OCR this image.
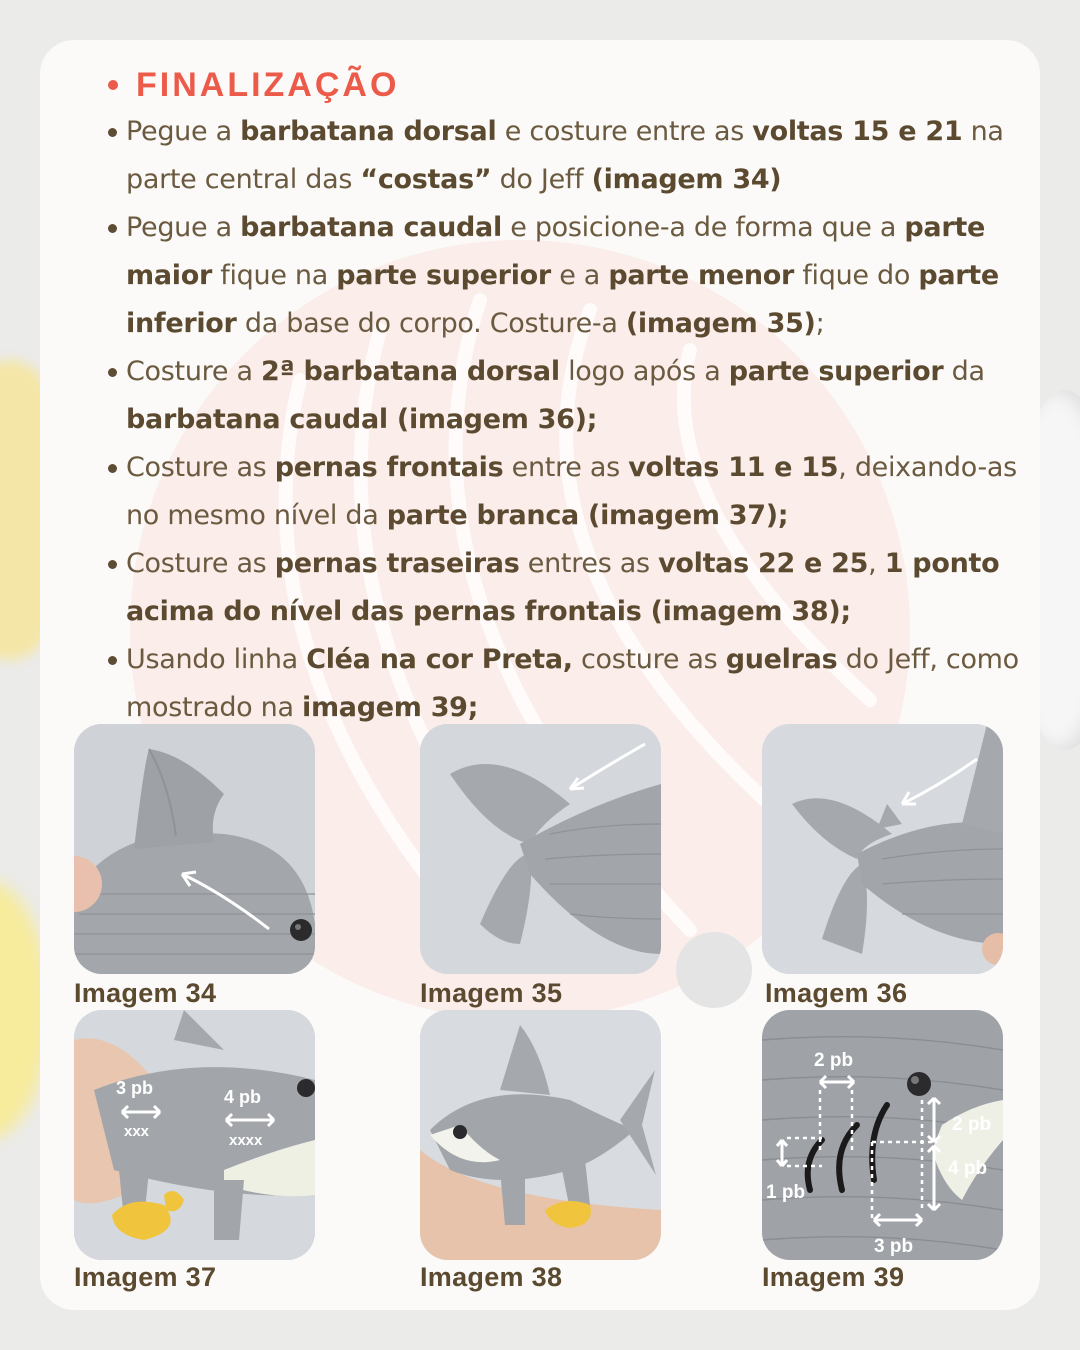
FINALIZAÇÃO
Pegue a barbatana dorsal e costure entre as voltas 15 e 21 na parte central das “costas” do Jeff (imagem 34)
Pegue a barbatana caudal e posicione-a de forma que a parte maior fique na parte superior e a parte menor fique do parte inferior da base do corpo. Costure-a (imagem 35);
Costure a 2ª barbatana dorsal logo após a parte superior da barbatana caudal (imagem 36);
Costure as pernas frontais entre as voltas 11 e 15, deixando-as no mesmo nível da parte branca (imagem 37);
Costure as pernas traseiras entres as voltas 22 e 25, 1 ponto acima do nível das pernas frontais (imagem 38);
Usando linha Cléa na cor Preta, costure as guelras do Jeff, como mostrado na imagem 39;
Imagem 34	Imagem 35	Imagem 36
3 pb
xxx
4 pb
xxxx
Imagem 37	Imagem 38
2 pb
2 pb
4 pb
1 pb
3 pb
Imagem 39
